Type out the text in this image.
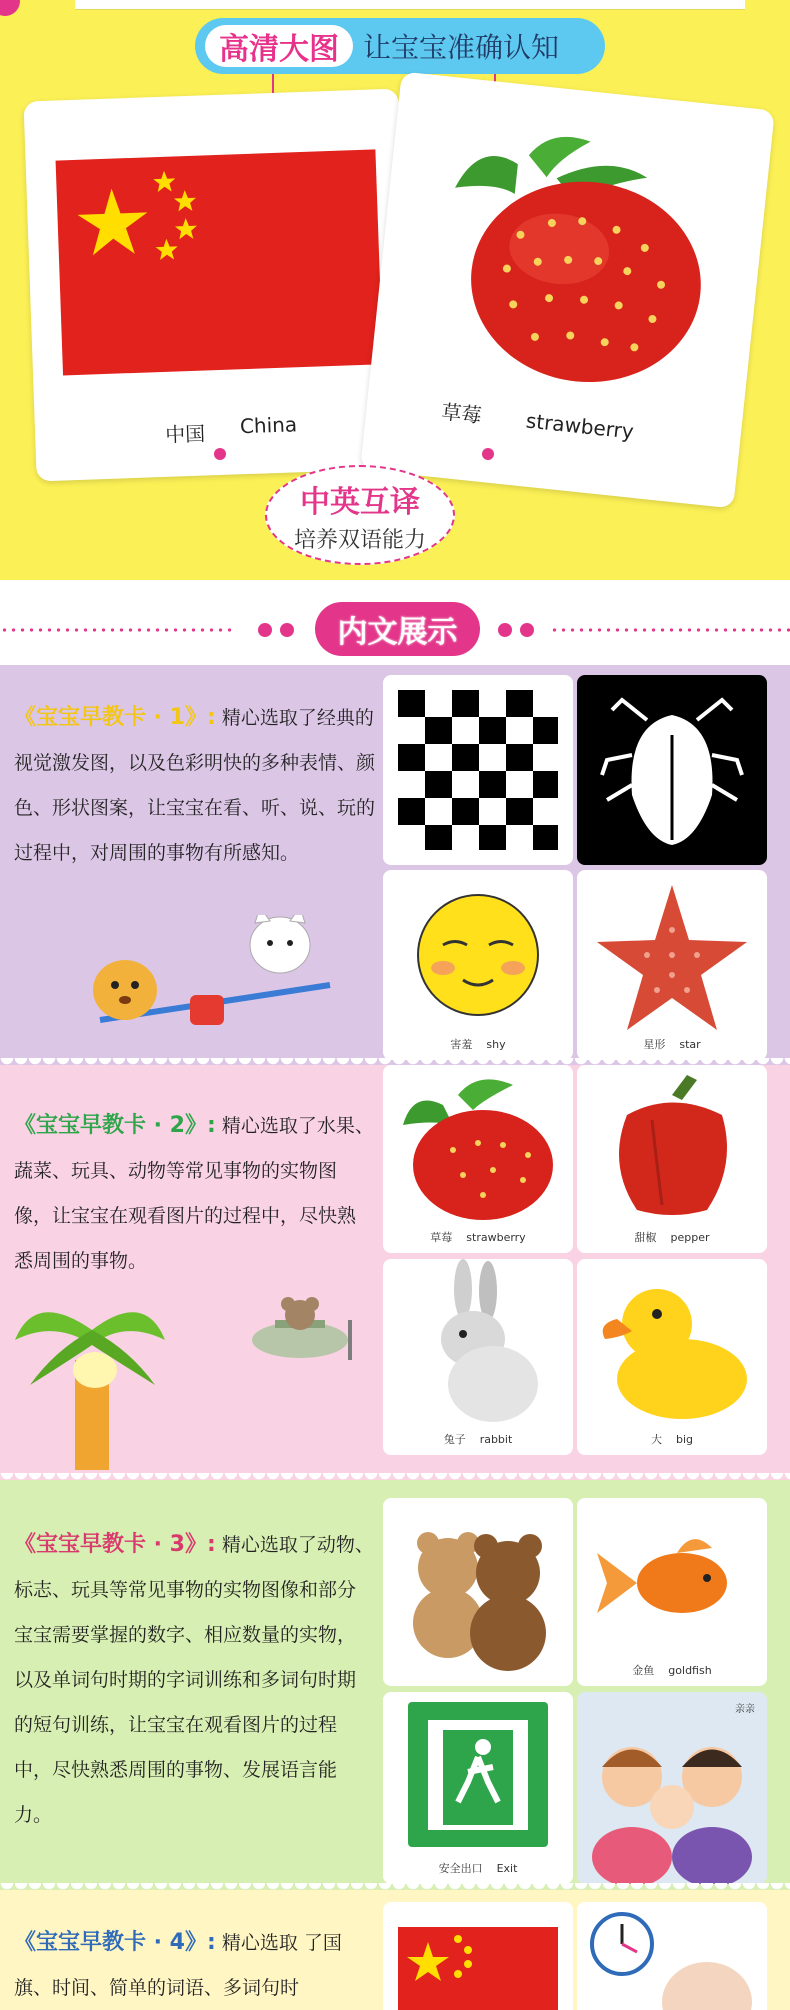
高清大图 让宝宝准确认知
中国 China	草莓 strawberry
中英互译
培养双语能力
内文展示

《宝宝早教卡 · 1》: 精心选取了经典的视觉激发图，以及色彩明快的多种表情、颜色、形状图案，让宝宝在看、听、说、玩的过程中，对周围的事物有所感知。

害羞 shy	星形 star

《宝宝早教卡 · 2》: 精心选取了水果、蔬菜、玩具、动物等常见事物的实物图像，让宝宝在观看图片的过程中，尽快熟悉周围的事物。

草莓 strawberry	甜椒 pepper
兔子 rabbit	大 big

《宝宝早教卡 · 3》: 精心选取了动物、标志、玩具等常见事物的实物图像和部分宝宝需要掌握的数字、相应数量的实物，以及单词句时期的字词训练和多词句时期的短句训练，让宝宝在观看图片的过程中，尽快熟悉周围的事物、发展语言能力。

金鱼 goldfish
安全出口 Exit
亲亲

《宝宝早教卡 · 4》: 精心选取 了国旗、时间、简单的词语、多词句时
